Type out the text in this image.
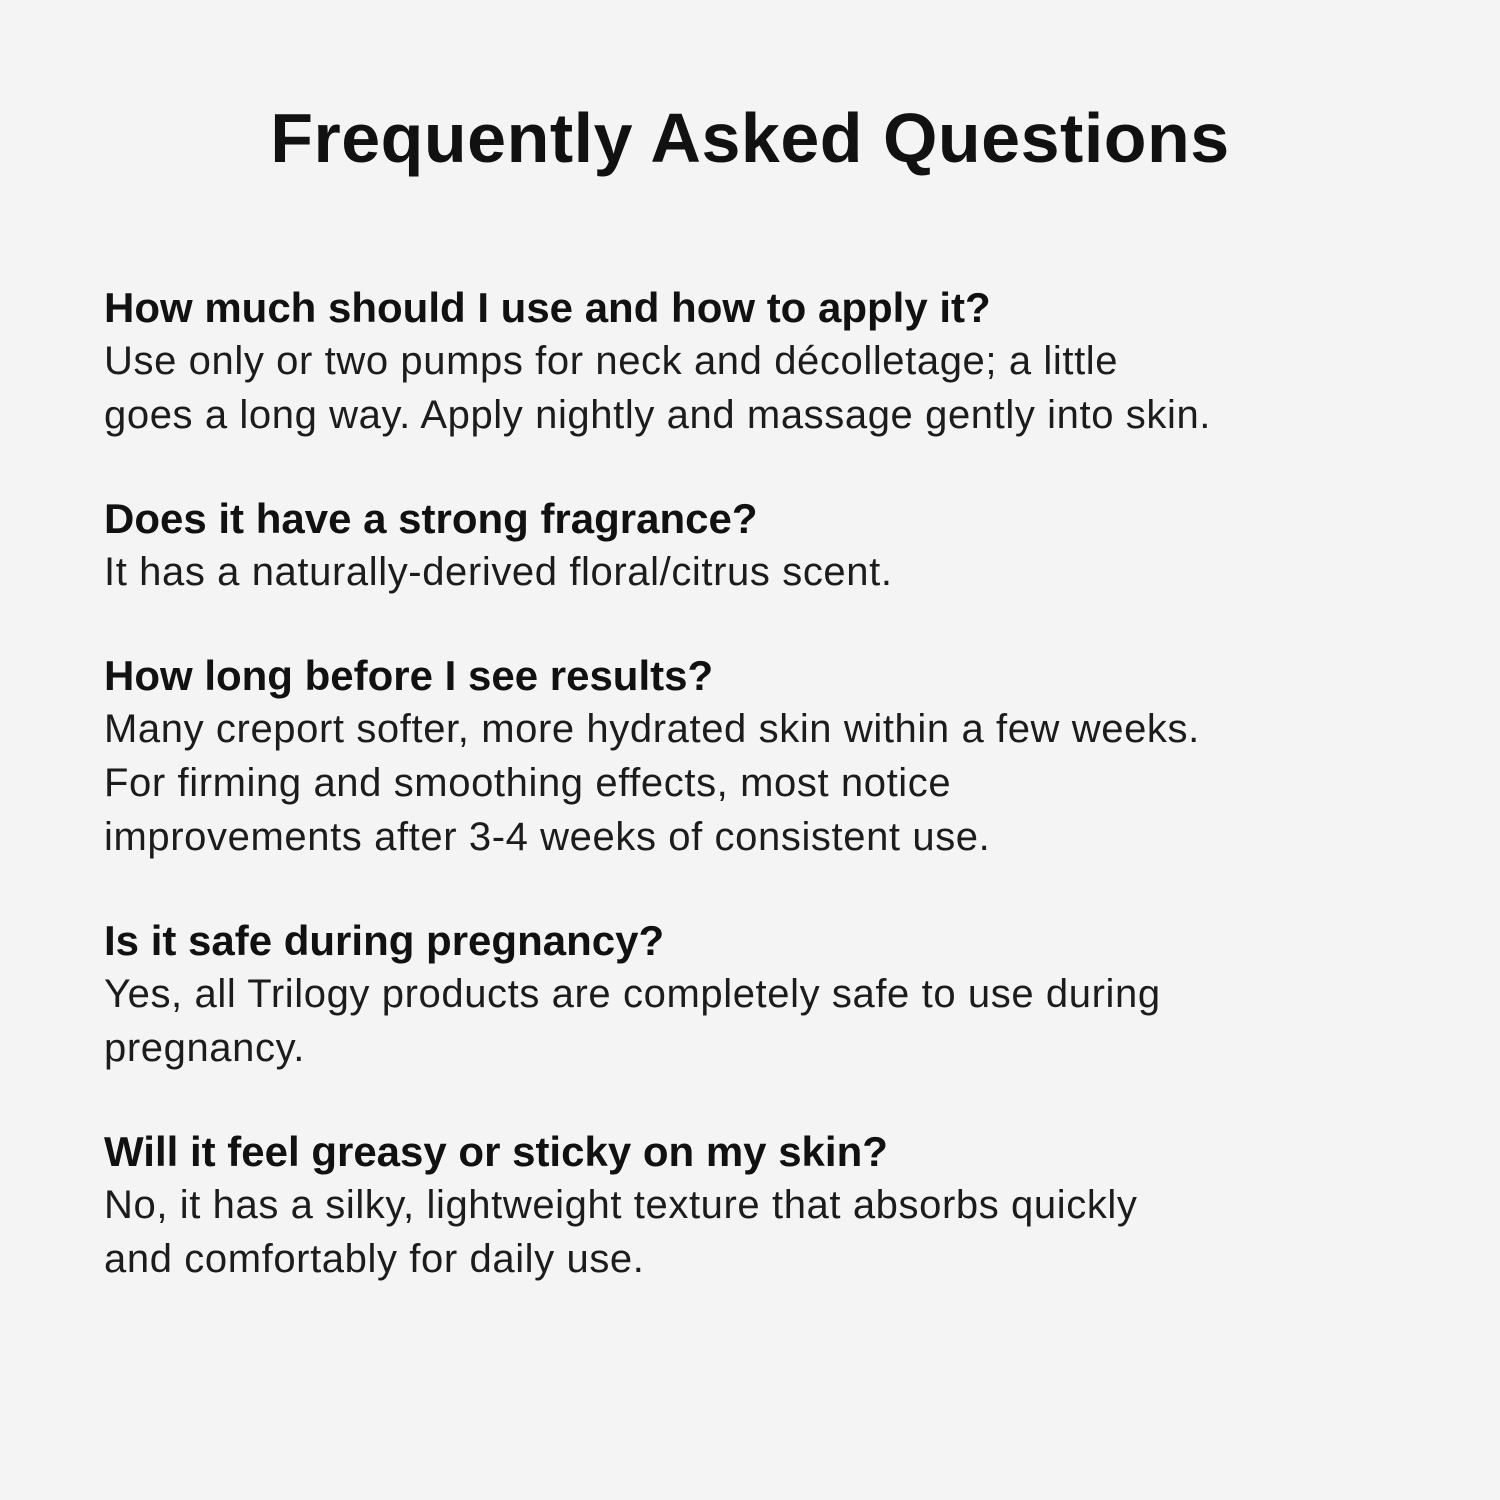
Frequently Asked Questions

How much should I use and how to apply it?

Use only or two pumps for neck and décolletage; a little
goes a long way. Apply nightly and massage gently into skin.

Does it have a strong fragrance?

It has a naturally-derived floral/citrus scent.

How long before I see results?

Many creport softer, more hydrated skin within a few weeks.
For firming and smoothing effects, most notice
improvements after 3-4 weeks of consistent use.

Is it safe during pregnancy?

Yes, all Trilogy products are completely safe to use during
pregnancy.

Will it feel greasy or sticky on my skin?

No, it has a silky, lightweight texture that absorbs quickly
and comfortably for daily use.
